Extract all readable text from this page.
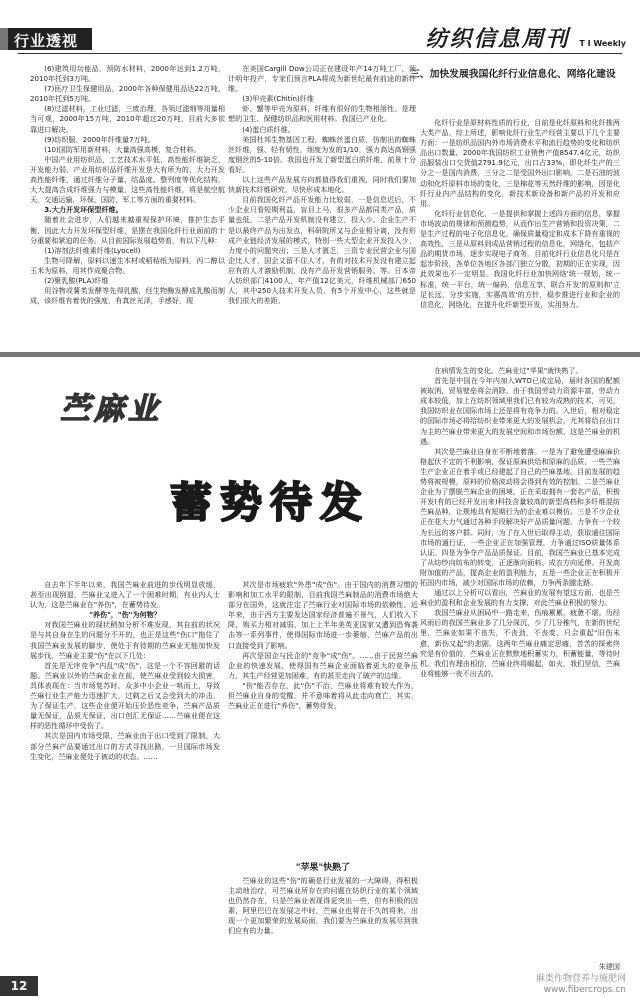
行业透视	纺织信息周刊 T I Weekly
三、加快发展我国化纤行业信息化、网络化建设

(6)建筑用功能品，预防水材料，2000年达到1.2万吨，2010年托到3万吨。

(7)医疗卫生保健用品，2000年各种保健用品达22万吨，2010年托到5万吨。

(8)过滤材料，工业过滤，三废治理，各领过滤细等用量相当可观，2000年15万吨，2010年超过20万吨，目前大多依靠进口解决。

(9)纺织服，2000年纤维量7万吨。

(10)国防军用新材料，大量高强高模、复合材料。

中国产业用纺织品，工艺技术水平低，高性能纤维缺乏，开发能力弱，产业用纺织品纤维开发是大有所为的，大力开发高性能纤维，通过纤维分子量、结晶度、整列度等优化结构，大大提高合成纤维强力与模量，这些高性能纤维，将是航空航天，交通运输，环保，国防，军工等方面的重要材料。

3.大力开发环保型纤维。

随着社会进步，人们越来越重视保护环境，推护生态平衡，因此大力开发环保型纤维，是摆在我国化纤行业面前的十分重要和紧迫的任务。从目前国际发展趋势看，有以下几种：

(1)溶剂法纤维素纤维(Lyocell)

生物可降解，原料以速生木材或稻秸纸为原料，丙二醇以玉米为原料，用其作成聚合物。

(2)聚乳酸(PLA)纤维

用谷物或薯类发酵等先得乳酸，经生物酶发酵成乳酸而制成，该纤维有着优的强度，有真丝光泽，手感好，现

在美国Cargill Dow公司正在建设年产14万吨工厂，预计明年投产，专家们预言PLA将成为新世纪最有前途的新纤维。

(3)甲壳素(Chitin)纤维

虾、蟹等甲壳为原料，纤维有很好的生物相溶性、是理想的卫生、保健纺织品和医用材料。我国已产业化。

(4)蛋白质纤维。

美国杜邦生物基因工程，蜘蛛丝蛋白质，仿制出的蜘蛛丝纤维，强、轻有韧性，细度为发的1/10，强力高达高钢强度钢丝的5-10倍。我国也开发了新型蛋白质纤维，前景十分看好。

以上这些产品发展方向都值得我们重视，同时我们要加快新技术纤维研究，尽快形成本地化。

目前我国化纤产品开发能力比较弱，一是信息迟后，不少企业只看短期利益，盲目上马，很多产品都同类产品，质量也低，二是产品开发机制没有建立，投入少。企业生产不是以最终产品为出发点，科研院所又与企业相分离，没有形成产业链经济发展的模式，特别一些大型企业开发投入少，力度小的问题突出；三是人才匮乏，三资专业民营企业与国企比人才，国企又留不住人才，有的对技术开发没有建立起应有的人才激励机制，没有产品开发营销服务。等。日本帝人纺织部门4100人，年产值12亿美元，纤维机械部门650人，其中250人技术开发人员，有5个开发中心，这些就是我们很大的差距。

化纤行业是原材料性质的行业，目前是化纤原料和化纤推两大类产品，综上所述，影响化纤行业生产经营主要以下几个主要方面：一是纺织品国内外市场消费水平和流行趋势的变化和纺织品出口数量。2000年我国纺织工业销售产值8547.4亿元，纺织品服装出口交货值2791.9亿元，出口占33%，即化纤生产的三分之一是国内消费，三分之二是受国外出口影响。二是石油的波动和化纤原料市场的变化，三是棉花等天然纤维的影响，因是化纤行业内产品结构的变化，新技术新设备和新产品的开发和应用。

化纤行业信息化，一是提供和掌握上述四方面的信息，掌握市场波动的规律和预测趋势，从而作出生产营销和投资决策，二是生产过程的电子化信息化，确保质量稳定和成本下降有重视的高效性，三是从原料到成品营销过程的信息化，网络化，包括产品的期货市场，逐步实现电子商务。目前化纤行业信息化只是在起步阶段，各单位各地区各部门独立分散，初期的正在实现，因此效果也不一定明显。我国化纤行业加快网络'统一规划，统一标准，统一平台，统一编码，信息互享，联合开发'的原则和'立足长远，分步实施，实惠高效'的方针，稳步推进行业和企业的信息化，网络化，在提升化纤新型开发，实用努力。

苎麻业
蓄势待发

在病情发生的变化。苎麻业过"苹果"就快熟了。

首先是中国在今年内加入WTO已成定局，届时各国的配额被取消，贸易壁垒将会消除，由于我国劳动力资源丰富，劳动力成本较低，加上在纺织领域里我们已有较为成熟的技术，可见，我国纺织业在国际市场上还是将有竞争力的。入世后，相对稳定的国际市场必将给纺织业带来更大的发展机会，尤其将给自出口为主的苎麻业带来更大的发展空间和市场份额，这是苎麻业的机遇。

其次是苎麻业自身在不断地着落。一是为了避免遭受麻麻价格起伏不定的不利影响，保证原麻供给和原麻的品质，一些苎麻生产企业正在着手或已经建起了自己的苎麻基地。目前发展的趋势将被规模，原料的价格波动将会得到有效的控制。二是苎麻业企业为了摆脱苎麻企业的困境，正在采取拥有一套名产品，积极开发(有的已经开发出来)科技含量较高的新型高档和多纤维混纺苎麻品种，让规地具有短期行为的企业难以模仿。三是不少企业正在花大力气通过各种手段解决好产品质量问题，力争有一个较为长远的客户群。同时，为了在入世后取得主动，获取通往国际市场的通行证，一些企业正在加强管理，力争通过ISO质量体系认证。四是为争夺产品品质保证。目前，我国苎麻业已基本完成了从纺纱向纺布的转变，正逐渐向面料、成衣方向延伸。开发高附加值的产品，提高企业的盈利能力，五是一些企业正在积极开拓国内市场，减少对国际市场的依赖，力争两条腿走路。

通过以上分析可以看出，苎麻业的发展有望这方面，也是苎麻业的盈利和企业发展的有力支撑，对此苎麻业积极的努力。

我国苎麻业从困局中一路走来，伤痕累累，疲惫不堪。历经风雨后的我国苎麻业多了几分深沉，少了几分稚气，在新的世纪里，苎麻业如果不丧失，不丧劲，不丧变，只会重起"旧伤未愈，新伤又起"的悲剧。这两年苎麻业痛定思痛，苦苦的探索终究是有价值的，苎麻业正在默默地积蓄实力，积蓄能量，等待时机。我们有理由相信，苎麻业终将崛起，如火，我们坚信，苎麻业将能够一夜不出去的。

朱建国

自去年下半年以来，我国苎麻业前进的步伐明显放缓，甚至出现倒退，苎麻业又进入了一个困难时期，有业内人士认为，这是苎麻业在"养伤"，在蓄势待发。

"养伤"，"伤"为何物？

对我国苎麻业的现状稍加分析不难发现，其自前的状况是与其自身在生的问题分不开的，也正是这些"伤口"拖住了我国苎麻业发展的脚步，使处于有待期的苎麻业无能加快发展步伐，苎麻业主要"伤"在以下几处：

首先是无序竞争"内乱"成"伤"，这是一个不容回避的话题。苎麻业以外的苎麻企业在前，使苎麻业受到较大损害，具体表现在：当市场复苏时，众多中小企业一哄而上，导致苎麻行业生产能力迅速扩大，过剩之后又会受到大的冲击，为了保证生产，这些企业便开始压价恶性竞争，苎麻产品质量无保证，品质无保证，出口创汇无保证……苎麻业便在这样的恶性循环中受伤了。

其次是国内市场受限，苎麻业由于出口受到了限制，大部分苎麻产品要通过出口的方式寻找出路，一旦国际市场发生变化，苎麻业便处于被动的状态。……

其次是市场疲软"外患"成"伤"。由于国内的消费习惯的影响和加工水平的限制，目前我国苎麻制品的消费市场绝大部分在国外，这就注定了苎麻行业对国际市场的依赖性。近年来，由于西方主要发达国家经济普遍不景气，人们收入下降，购买力相对减弱，加上上半年美英亚国家又遭到恐怖袭击等一系列事件，使得国际市场进一步萎缩，苎麻产品的出口直接受到了影响。

再次是国企与民企的"竞争"成"伤"。……由于民营苎麻企业的快速发展，使得国有苎麻企业面临着更大的竞争压力，其生产经营更加困难，有的甚至走向了破产的边缘。

"伤"能否存在，此"伤"不治，苎麻业将难有较大作为，但苎麻业自身的觉醒，并不意味着将从此走向衰亡，其实，苎麻业正在进行"养伤"，蓄势待发。

"苹果"快熟了

苎麻业的这些"伤"的确是行业发展的一大障碍，得积极主动地治疗，可苎麻业所存在的问题在纺织行业的某个领域也仍然存在，只是苎麻业表现得更突出一些，但有积极的因素，阿里巴巴在发展之中时，苎麻业也将在不久的将来，出现一个更加繁荣的发展局面，我们要为苎麻业的发展尽到我们应有的力量。

12	麻类作物营养与施肥网
www.fibercrops.cn
